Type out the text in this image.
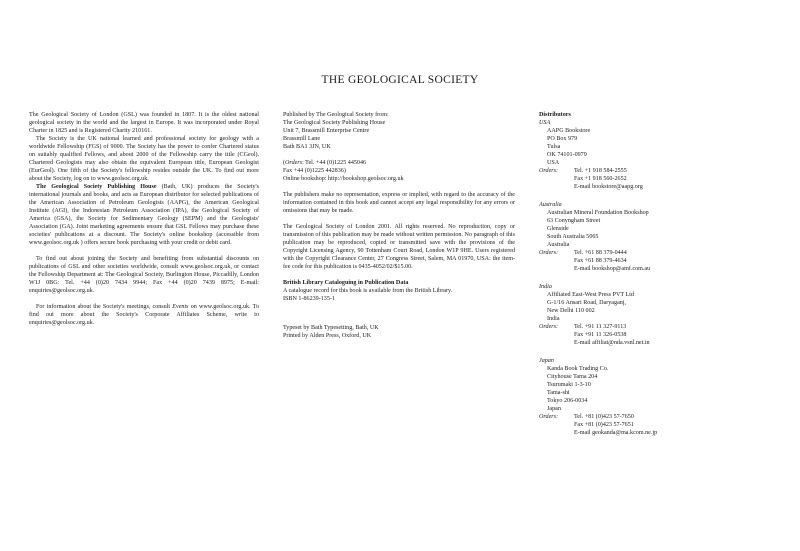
THE GEOLOGICAL SOCIETY

The Geological Society of London (GSL) was founded in 1807. It is the oldest national geological society in the world and the largest in Europe. It was incorporated under Royal Charter in 1825 and is Registered Charity 210161.

The Society is the UK national learned and professional society for geology with a worldwide Fellowship (FGS) of 9000. The Society has the power to confer Chartered status on suitably qualified Fellows, and about 2000 of the Fellowship carry the title (CGeol). Chartered Geologists may also obtain the equivalent European title, European Geologist (EurGeol). One fifth of the Society's fellowship resides outside the UK. To find out more about the Society, log on to www.geolsoc.org.uk.

The Geological Society Publishing House (Bath, UK) produces the Society's international journals and books, and acts as European distributor for selected publications of the American Association of Petroleum Geologists (AAPG), the American Geological Institute (AGI), the Indonesian Petroleum Association (IPA), the Geological Society of America (GSA), the Society for Sedimentary Geology (SEPM) and the Geologists' Association (GA). Joint marketing agreements ensure that GSL Fellows may purchase these societies' publications at a discount. The Society's online bookshop (accessible from www.geolsoc.org.uk ) offers secure book purchasing with your credit or debit card.

To find out about joining the Society and benefiting from substantial discounts on publications of GSL and other societies worldwide, consult www.geolsoc.org.uk, or contact the Fellowship Department at: The Geological Society, Burlington House, Piccadilly, London W1J 0BG: Tel. +44 (0)20 7434 9944; Fax +44 (0)20 7439 8975; E-mail: enquiries@geolsoc.org.uk.

For information about the Society's meetings, consult Events on www.geolsoc.org.uk. To find out more about the Society's Corporate Affiliates Scheme, write to enquiries@geolsoc.org.uk.

Published by The Geological Society from:

The Geological Society Publishing House

Unit 7, Brassmill Enterprise Centre

Brassmill Lane

Bath BA1 3JN, UK

(Orders: Tel. +44 (0)1225 445046

Fax +44 (0)1225 442836)

Online bookshop: http://bookshop.geolsoc.org.uk

The publishers make no representation, express or implied, with regard to the accuracy of the information contained in this book and cannot accept any legal responsibility for any errors or omissions that may be made.

The Geological Society of London 2001. All rights reserved. No reproduction, copy or transmission of this publication may be made without written permission. No paragraph of this publication may be reproduced, copied or transmitted save with the provisions of the Copyright Licensing Agency, 90 Tottenham Court Road, London W1P 9HE. Users registered with the Copyright Clearance Center, 27 Congress Street, Salem, MA 01970, USA: the item-fee code for this publication is 0435-4052/02/$15.00.

British Library Cataloguing in Publication Data

A catalogue record for this book is available from the British Library.

ISBN 1-86239-135-1

Typeset by Bath Typesetting, Bath, UK

Printed by Alden Press, Oxford, UK

Distributors

USA

AAPG Bookstore

PO Box 979

Tulsa

OK 74101-0979

USA

Orders:	Tel. +1 918 584-2555

Fax +1 918 560-2652

E-mail bookstore@aapg.org

Australia

Australian Mineral Foundation Bookshop

63 Conyngham Street

Glenside

South Australia 5065

Australia

Orders:	Tel. +61 88 379-0444

Fax +61 88 379-4634

E-mail bookshop@amf.com.au

India

Affiliated East-West Press PVT Ltd

G-1/16 Ansari Road, Daryaganj,

New Delhi 110 002

India

Orders:	Tel. +91 11 327-9113

Fax +91 11 326-0538

E-mail affiliat@nda.vsnl.net.in

Japan

Kanda Book Trading Co.

Cityhouse Tama 204

Tsurumaki 1-3-10

Tama-shi

Tokyo 206-0034

Japan

Orders:	Tel. +81 (0)423 57-7650

Fax +81 (0)423 57-7651

E-mail geokanda@ma.kcom.ne.jp
